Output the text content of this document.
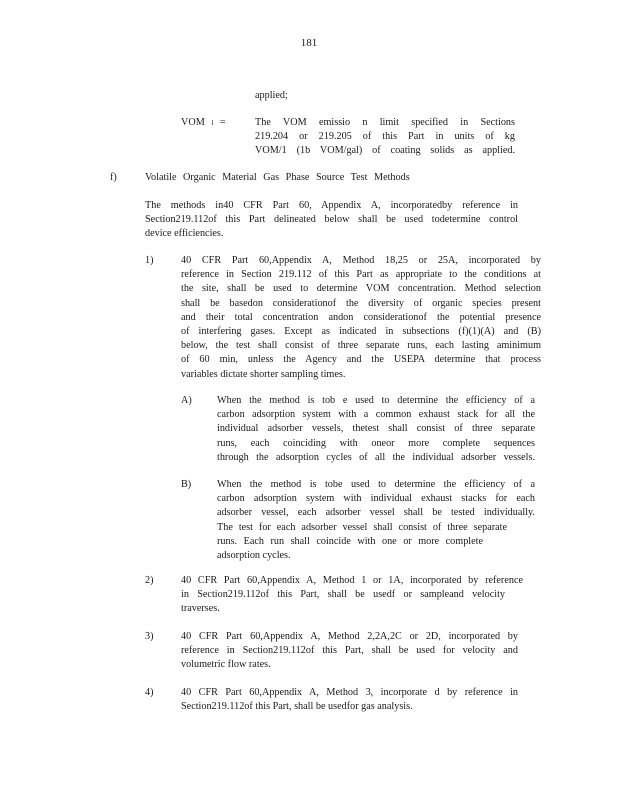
181
applied;
VOM l =	The VOM emissio n limit specified in Sections

219.204 or 219.205 of this Part in units of kg

VOM/1 (1b VOM/gal) of coating solids as applied.

f)	Volatile Organic Material Gas Phase Source Test Methods

The methods in40 CFR Part 60, Appendix A, incorporatedby reference in

Section219.112of this Part delineated below shall be used todetermine control

device efficiencies.

1)	40 CFR Part 60,Appendix A, Method 18,25 or 25A, incorporated by

reference in Section 219.112 of this Part as appropriate to the conditions at

the site, shall be used to determine VOM concentration. Method selection

shall be basedon considerationof the diversity of organic species present

and their total concentration andon considerationof the potential presence

of interfering gases. Except as indicated in subsections (f)(1)(A) and (B)

below, the test shall consist of three separate runs, each lasting aminimum

of 60 min, unless the Agency and the USEPA determine that process

variables dictate shorter sampling times.

A) When the method is tob e used to determine the efficiency of a

carbon adsorption system with a common exhaust stack for all the

individual adsorber vessels, thetest shall consist of three separate

runs, each coinciding with oneor more complete sequences

through the adsorption cycles of all the individual adsorber vessels.

B)	When the method is tobe used to determine the efficiency of a

carbon adsorption system with individual exhaust stacks for each

adsorber vessel, each adsorber vessel shall be tested individually.

The test for each adsorber vessel shall consist of three separate

runs. Each run shall coincide with one or more complete

adsorption cycles.

2)	40 CFR Part 60,Appendix A, Method 1 or 1A, incorporated by reference

in Section219.112of this Part, shall be usedf or sampleand velocity

traverses.

3)	40 CFR Part 60,Appendix A, Method 2,2A,2C or 2D, incorporated by

reference in Section219.112of this Part, shall be used for velocity and

volumetric flow rates.

4)	40 CFR Part 60,Appendix A, Method 3, incorporate d by reference in

Section219.112of this Part, shall be usedfor gas analysis.
